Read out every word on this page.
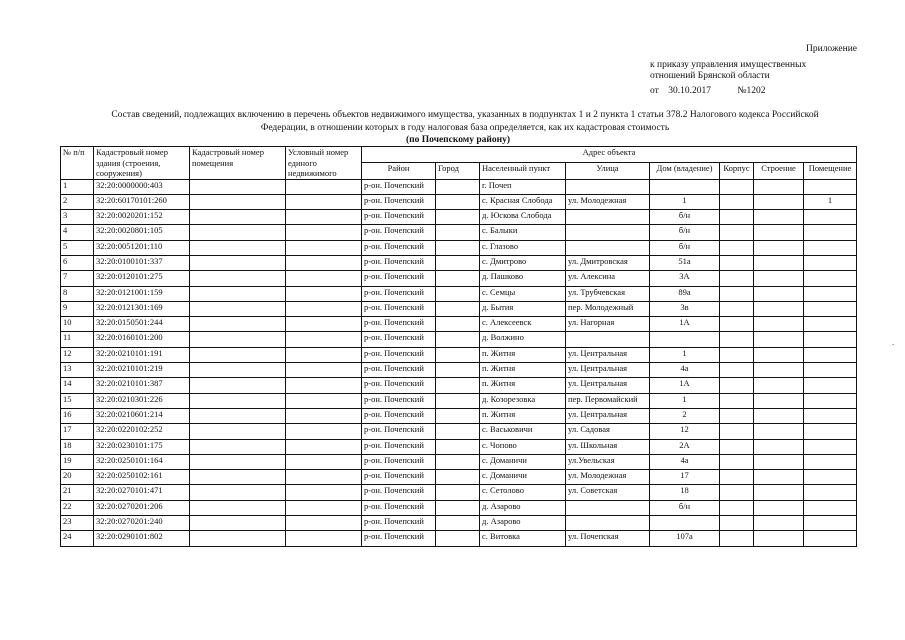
Приложение
к приказу управления имущественных
отношений Брянской области
от 30.10.2017	№1202
Состав сведений, подлежащих включению в перечень объектов недвижимого имущества, указанных в подпунктах 1 и 2 пункта 1 статьи 378.2 Налогового кодекса Российской Федерации, в отношении которых в году налоговая база определяется, как их кадастровая стоимость
(по Почепскому району)
№ п/п	Кадастровый номер здания (строения, сооружения)	Кадастровый номер помещения	Условный номер единого недвижимого	Адрес объекта							
				Район	Город	Населенный пункт	Улица	Дом (владение)	Корпус	Строение	Помещение
1	32:20:0000000:403			р-он. Почепский		г. Почеп					
2	32:20:60170101:260			р-он. Почепский		с. Красная Слобода	ул. Молодежная	1			1
3	32:20:0020201:152			р-он. Почепский		д. Юскова Слобода		б/н			
4	32:20:0020801:105			р-он. Почепский		с. Балыки		б/н			
5	32:20:0051201:110			р-он. Почепский		с. Глазово		б/н			
6	32:20:0100101:337			р-он. Почепский		с. Дмитрово	ул. Дмитровская	51а			
7	32:20:0120101:275			р-он. Почепский		д. Пашково	ул. Алексина	3А			
8	32:20:0121001:159			р-он. Почепский		с. Семцы	ул. Трубчевская	89а			
9	32:20:0121301:169			р-он. Почепский		д. Бытия	пер. Молодежный	3в			
10	32:20:0150501:244			р-он. Почепский		с. Алексеевск	ул. Нагорная	1А			
11	32:20:0160101:200			р-он. Почепский		д. Волжино					
12	32:20:0210101:191			р-он. Почепский		п. Житня	ул. Центральная	1			
13	32:20:0210101:219			р-он. Почепский		п. Житня	ул. Центральная	4а			
14	32:20:0210101:387			р-он. Почепский		п. Житня	ул. Центральная	1А			
15	32:20:0210301:226			р-он. Почепский		д. Козорезовка	пер. Первомайский	1			
16	32:20:0210601:214			р-он. Почепский		п. Житня	ул. Центральная	2			
17	32:20:0220102:252			р-он. Почепский		с. Васьковичи	ул. Садовая	12			
18	32:20:0230101:175			р-он. Почепский		с. Чопово	ул. Школьная	2А			
19	32:20:0250101:164			р-он. Почепский		с. Доманичи	ул.Увельская	4а			
20	32:20:0250102:161			р-он. Почепский		с. Доманичи	ул. Молодежная	17			
21	32:20:0270101:471			р-он. Почепский		с. Сетолово	ул. Советская	18			
22	32:20:0270201:206			р-он. Почепский		д. Азарово		б/н			
23	32:20:0270201:240			р-он. Почепский		д. Азарово					
24	32:20:0290101:802			р-он. Почепский		с. Витовка	ул. Почепская	107а			
.
